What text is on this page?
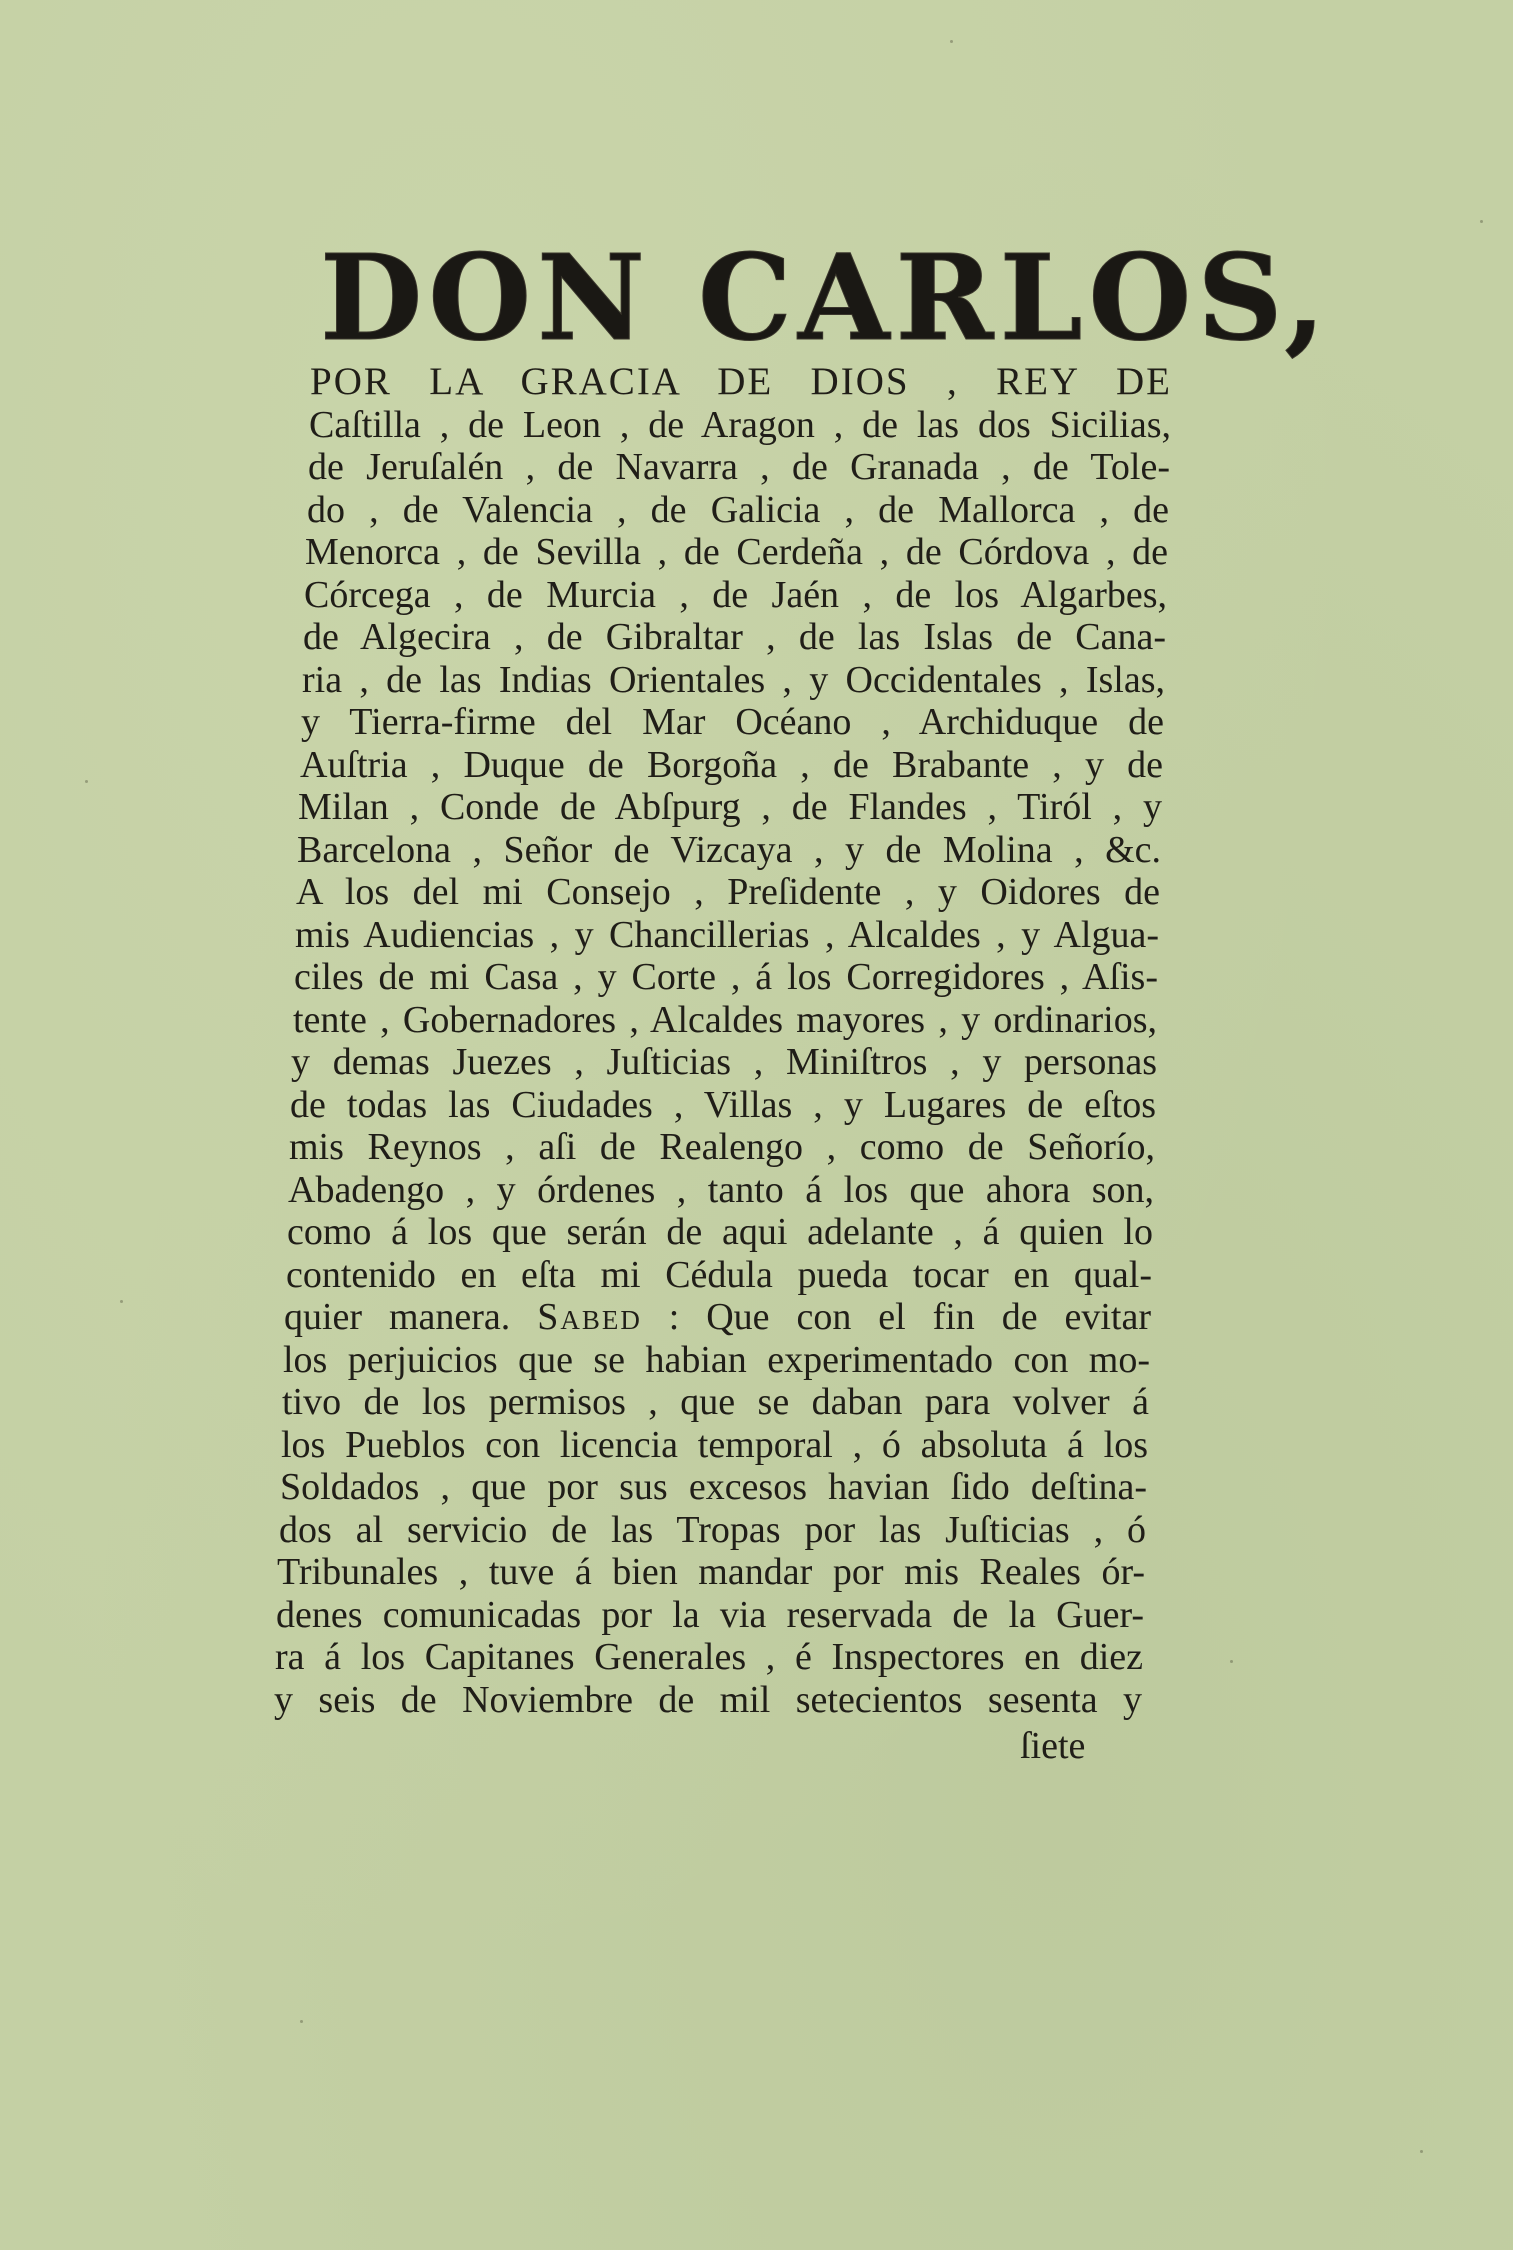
DON CARLOS,
POR LA GRACIA DE DIOS , REY DE
Caſtilla , de Leon , de Aragon , de las dos Sicilias,
de Jeruſalén , de Navarra , de Granada , de Tole-
do , de Valencia , de Galicia , de Mallorca , de
Menorca , de Sevilla , de Cerdeña , de Córdova , de
Córcega , de Murcia , de Jaén , de los Algarbes,
de Algecira , de Gibraltar , de las Islas de Cana-
ria , de las Indias Orientales , y Occidentales , Islas,
y Tierra-firme del Mar Océano , Archiduque de
Auſtria , Duque de Borgoña , de Brabante , y de
Milan , Conde de Abſpurg , de Flandes , Tiról , y
Barcelona , Señor de Vizcaya , y de Molina , &c.
A los del mi Consejo , Preſidente , y Oidores de
mis Audiencias , y Chancillerias , Alcaldes , y Algua-
ciles de mi Casa , y Corte , á los Corregidores , Aſis-
tente , Gobernadores , Alcaldes mayores , y ordinarios,
y demas Juezes , Juſticias , Miniſtros , y personas
de todas las Ciudades , Villas , y Lugares de eſtos
mis Reynos , aſi de Realengo , como de Señorío,
Abadengo , y órdenes , tanto á los que ahora son,
como á los que serán de aqui adelante , á quien lo
contenido en eſta mi Cédula pueda tocar en qual-
quier manera. Sabed : Que con el fin de evitar
los perjuicios que se habian experimentado con mo-
tivo de los permisos , que se daban para volver á
los Pueblos con licencia temporal , ó absoluta á los
Soldados , que por sus excesos havian ſido deſtina-
dos al servicio de las Tropas por las Juſticias , ó
Tribunales , tuve á bien mandar por mis Reales ór-
denes comunicadas por la via reservada de la Guer-
ra á los Capitanes Generales , é Inspectores en diez
y seis de Noviembre de mil setecientos sesenta y
ſiete
